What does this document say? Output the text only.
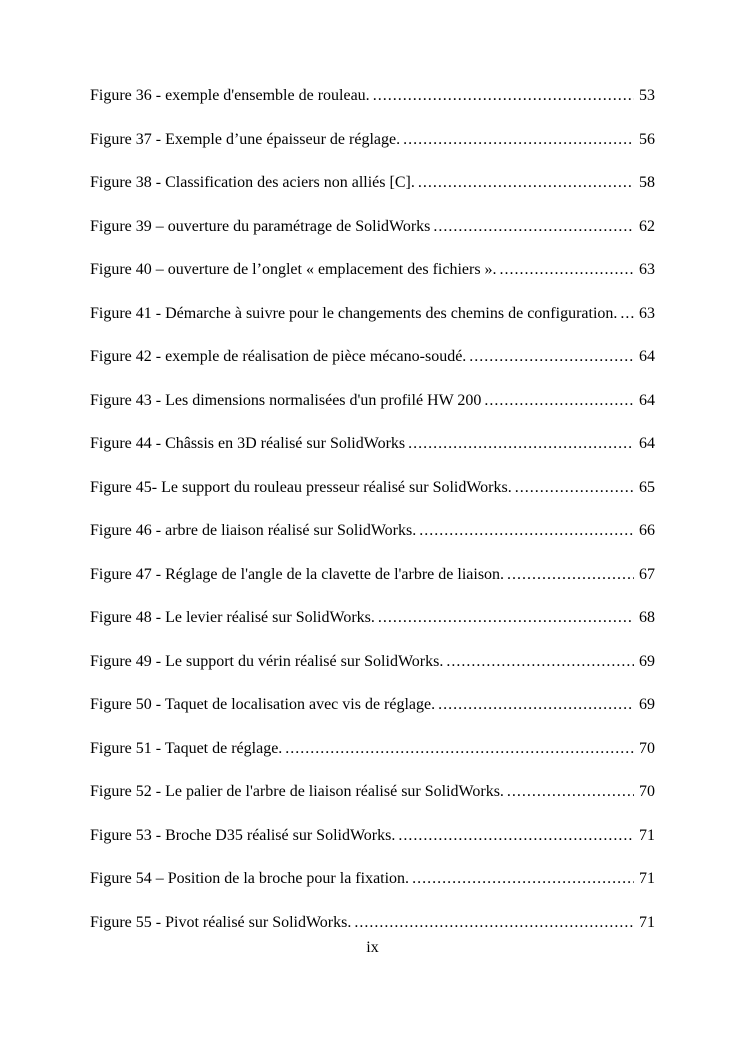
Figure 36 - exemple d'ensemble de rouleau. .....	53
Figure 37 - Exemple d’une épaisseur de réglage. .....	56
Figure 38 - Classification des aciers non alliés [C]. .....	58
Figure 39 – ouverture du paramétrage de SolidWorks .....	62
Figure 40 – ouverture de l’onglet « emplacement des fichiers ». .....	63
Figure 41 - Démarche à suivre pour le changements des chemins de configuration. .....	63
Figure 42 - exemple de réalisation de pièce mécano-soudé. .....	64
Figure 43 - Les dimensions normalisées d'un profilé HW 200 .....	64
Figure 44 - Châssis en 3D réalisé sur SolidWorks .....	64
Figure 45- Le support du rouleau presseur réalisé sur SolidWorks. .....	65
Figure 46 - arbre de liaison réalisé sur SolidWorks. .....	66
Figure 47 - Réglage de l'angle de la clavette de l'arbre de liaison. .....	67
Figure 48 - Le levier réalisé sur SolidWorks. .....	68
Figure 49 - Le support du vérin réalisé sur SolidWorks. .....	69
Figure 50 - Taquet de localisation avec vis de réglage. .....	69
Figure 51 - Taquet de réglage. .....	70
Figure 52 - Le palier de l'arbre de liaison réalisé sur SolidWorks. .....	70
Figure 53 - Broche D35 réalisé sur SolidWorks. .....	71
Figure 54 – Position de la broche pour la fixation. .....	71
Figure 55 - Pivot réalisé sur SolidWorks. .....	71
ix
